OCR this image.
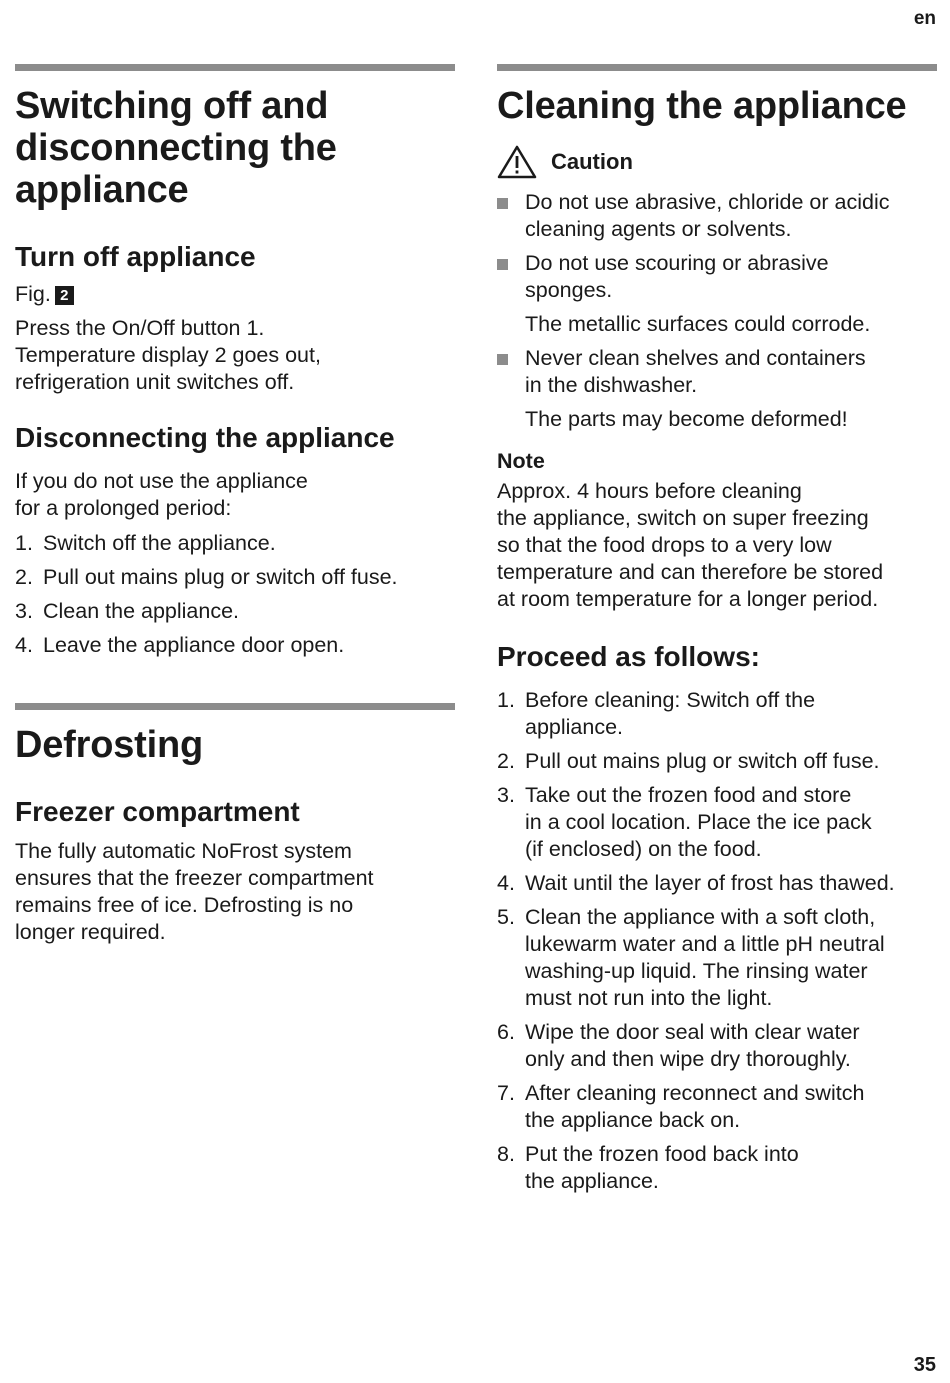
en
Switching off and
disconnecting the
appliance
Turn off appliance

Fig. 2

Press the On/Off button 1.
Temperature display 2 goes out,
refrigeration unit switches off.

Disconnecting the appliance

If you do not use the appliance
for a prolonged period:

1. Switch off the appliance.
2. Pull out mains plug or switch off fuse.
3. Clean the appliance.
4. Leave the appliance door open.
Defrosting
Freezer compartment

The fully automatic NoFrost system
ensures that the freezer compartment
remains free of ice. Defrosting is no
longer required.

Cleaning the appliance
Caution
Do not use abrasive, chloride or acidic
cleaning agents or solvents.
Do not use scouring or abrasive
sponges.

The metallic surfaces could corrode.

Never clean shelves and containers
in the dishwasher.

The parts may become deformed!

Note

Approx. 4 hours before cleaning
the appliance, switch on super freezing
so that the food drops to a very low
temperature and can therefore be stored
at room temperature for a longer period.

Proceed as follows:
1. Before cleaning: Switch off the
appliance.
2. Pull out mains plug or switch off fuse.
3. Take out the frozen food and store
in a cool location. Place the ice pack
(if enclosed) on the food.
4. Wait until the layer of frost has thawed.
5. Clean the appliance with a soft cloth,
lukewarm water and a little pH neutral
washing-up liquid. The rinsing water
must not run into the light.
6. Wipe the door seal with clear water
only and then wipe dry thoroughly.
7. After cleaning reconnect and switch
the appliance back on.
8. Put the frozen food back into
the appliance.
35
